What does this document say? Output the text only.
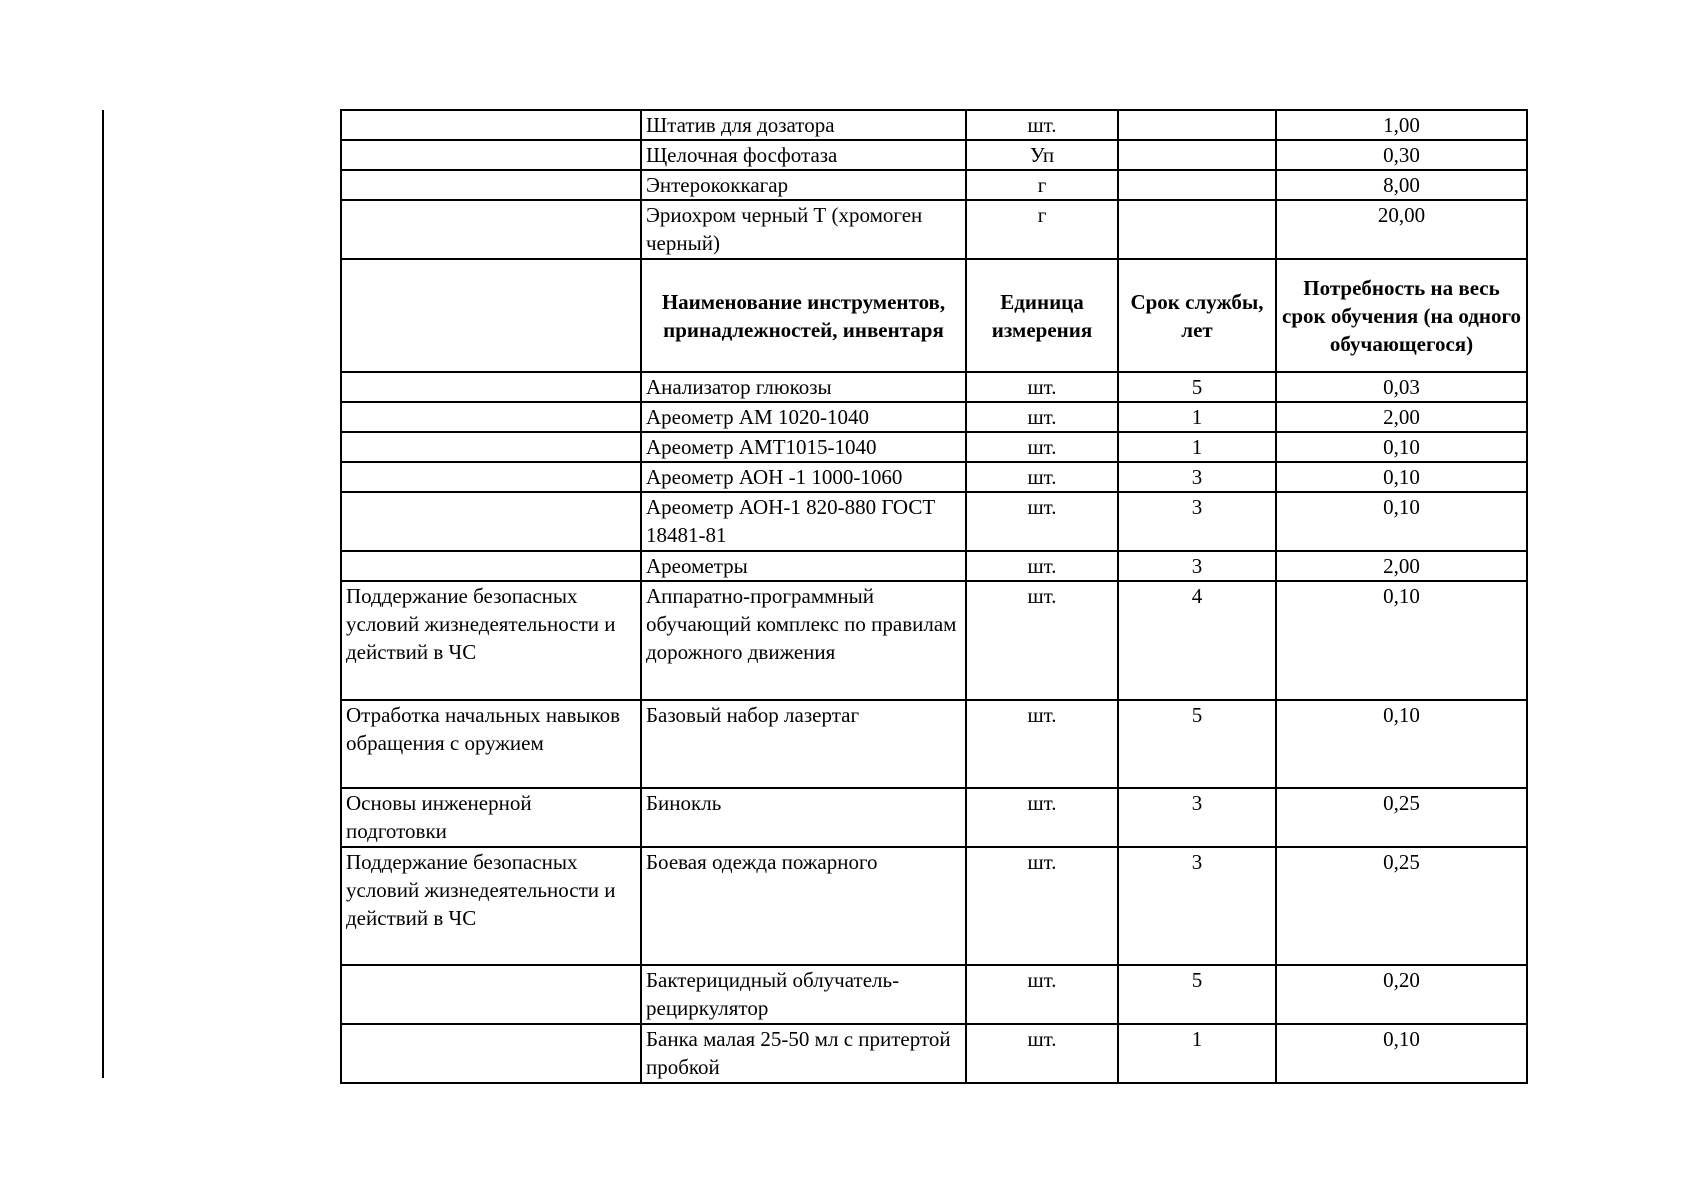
	Штатив для дозатора	шт.		1,00
	Щелочная фосфотаза	Уп		0,30
	Энтерококкагар	г		8,00
	Эриохром черный Т (хромоген черный)	г		20,00
	Наименование инструментов, принадлежностей, инвентаря	Единица измерения	Срок службы, лет	Потребность на весь срок обучения (на одного обучающегося)
	Анализатор глюкозы	шт.	5	0,03
	Ареометр АМ 1020-1040	шт.	1	2,00
	Ареометр АМТ1015-1040	шт.	1	0,10
	Ареометр АОН -1 1000-1060	шт.	3	0,10
	Ареометр АОН-1 820-880 ГОСТ 18481-81	шт.	3	0,10
	Ареометры	шт.	3	2,00
Поддержание безопасных условий жизнедеятельности и действий в ЧС	Аппаратно-программный обучающий комплекс по правилам дорожного движения	шт.	4	0,10
Отработка начальных навыков обращения с оружием	Базовый набор лазертаг	шт.	5	0,10
Основы инженерной подготовки	Бинокль	шт.	3	0,25
Поддержание безопасных условий жизнедеятельности и действий в ЧС	Боевая одежда пожарного	шт.	3	0,25
	Бактерицидный облучатель-рециркулятор	шт.	5	0,20
	Банка малая 25-50 мл с притертой пробкой	шт.	1	0,10
